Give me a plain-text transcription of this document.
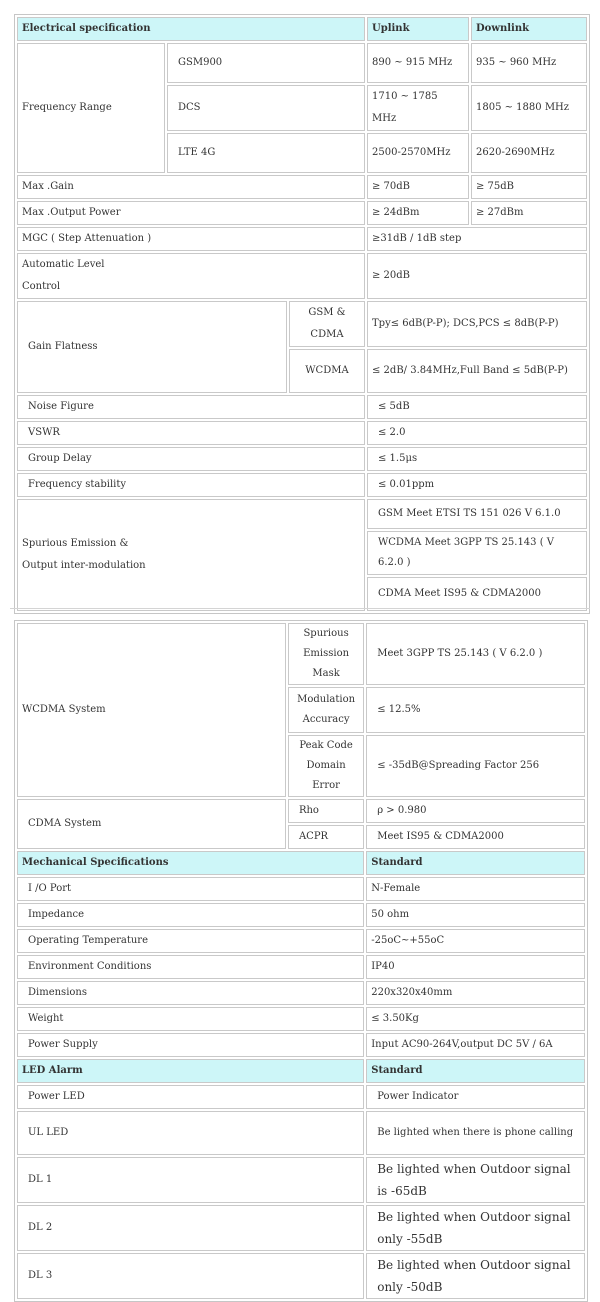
Electrical specification			Uplink	Downlink
Frequency Range	GSM900		890 ~ 915 MHz	935 ~ 960 MHz
	DCS		1710 ~ 1785 MHz	1805 ~ 1880 MHz
	LTE 4G		2500-2570MHz	2620-2690MHz
Max .Gain			≥ 70dB	≥ 75dB
Max .Output Power			≥ 24dBm	≥ 27dBm
MGC ( Step Attenuation )			≥31dB / 1dB step	

Automatic Level
Control			≥ 20dB	
Gain Flatness		GSM & CDMA	Tpy≤ 6dB(P-P); DCS,PCS ≤ 8dB(P-P)	
		WCDMA	≤ 2dB/ 3.84MHz,Full Band ≤ 5dB(P-P)	
Noise Figure			≤ 5dB	
VSWR			≤ 2.0	
Group Delay			≤ 1.5μs	
Frequency stability			≤ 0.01ppm	

Spurious Emission &
Output inter-modulation			GSM Meet ETSI TS 151 026 V 6.1.0	
			WCDMA Meet 3GPP TS 25.143 ( V 6.2.0 )	
			CDMA Meet IS95 & CDMA2000	
WCDMA System	Spurious Emission Mask	Meet 3GPP TS 25.143 ( V 6.2.0 )
	Modulation Accuracy	≤ 12.5%
	Peak Code Domain Error	≤ -35dB@Spreading Factor 256
CDMA System	Rho	ρ > 0.980
	ACPR	Meet IS95 & CDMA2000
Mechanical Specifications		Standard
I /O Port		N-Female
Impedance		50 ohm
Operating Temperature		-25oC~+55oC
Environment Conditions		IP40
Dimensions		220x320x40mm
Weight		≤ 3.50Kg
Power Supply		Input AC90-264V,output DC 5V / 6A
LED Alarm		Standard
Power LED		Power Indicator
UL LED		Be lighted when there is phone calling
DL 1		Be lighted when Outdoor signal is -65dB
DL 2		Be lighted when Outdoor signal only -55dB
DL 3		Be lighted when Outdoor signal only -50dB
